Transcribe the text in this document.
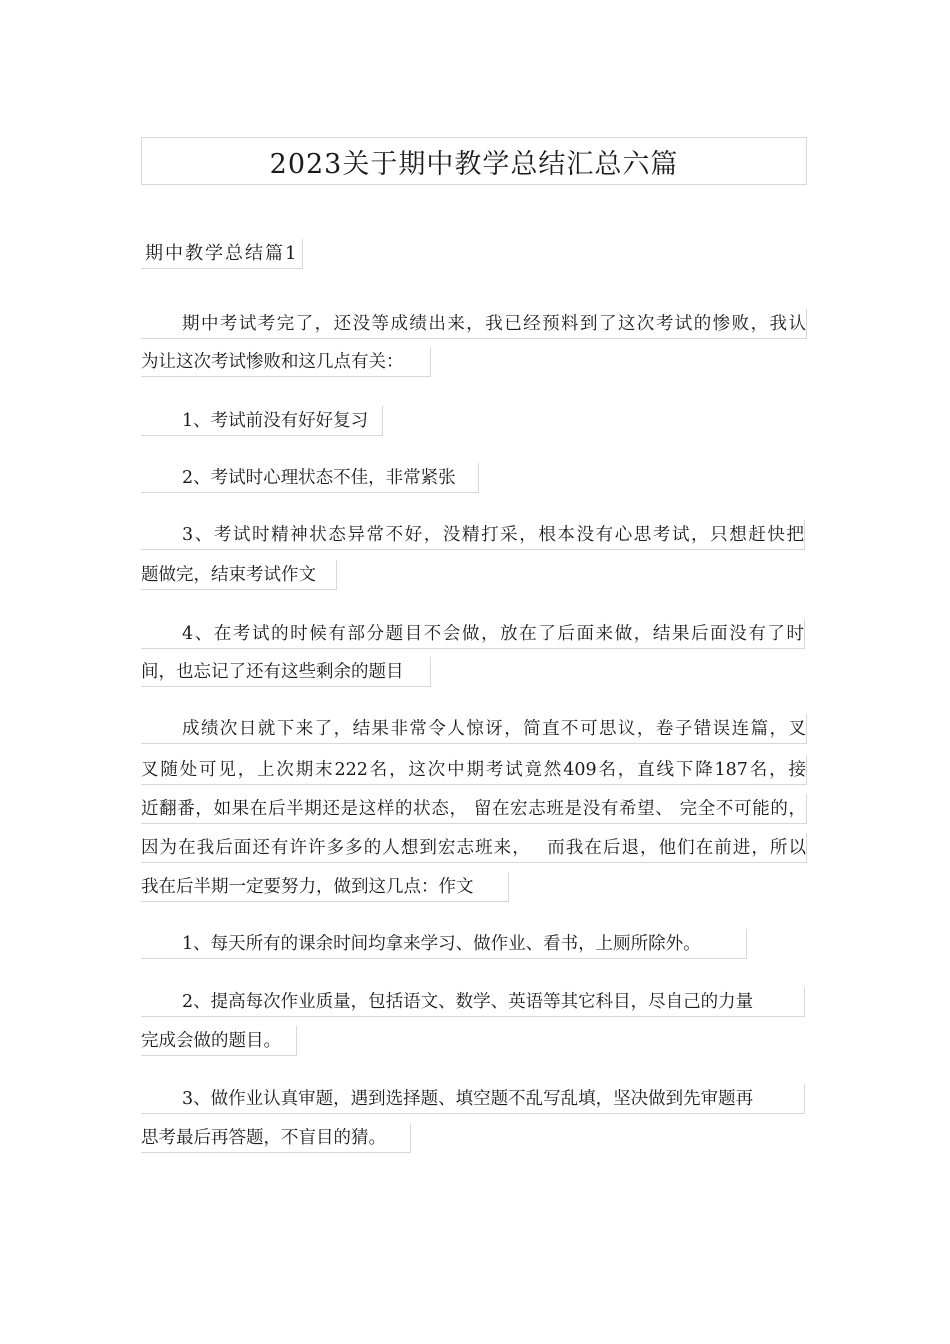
2023关于期中教学总结汇总六篇
期中教学总结篇1
期中考试考完了，还没等成绩出来，我已经预料到了这次考试的惨败，我认
为让这次考试惨败和这几点有关：
1、考试前没有好好复习
2、考试时心理状态不佳，非常紧张
3、考试时精神状态异常不好，没精打采，根本没有心思考试，只想赶快把
题做完，结束考试作文
4、在考试的时候有部分题目不会做，放在了后面来做，结果后面没有了时
间，也忘记了还有这些剩余的题目
成绩次日就下来了，结果非常令人惊讶，简直不可思议，卷子错误连篇，叉
叉随处可见，上次期末222名，这次中期考试竟然409名，直线下降187名，接
近翻番，如果在后半期还是这样的状态， 留在宏志班是没有希望、 完全不可能的，
因为在我后面还有许许多多的人想到宏志班来，　 而我在后退，他们在前进，所以
我在后半期一定要努力，做到这几点：作文
1、每天所有的课余时间均拿来学习、做作业、看书，上厕所除外。
2、提高每次作业质量，包括语文、数学、英语等其它科目，尽自己的力量
完成会做的题目。
3、做作业认真审题，遇到选择题、填空题不乱写乱填，坚决做到先审题再
思考最后再答题，不盲目的猜。
